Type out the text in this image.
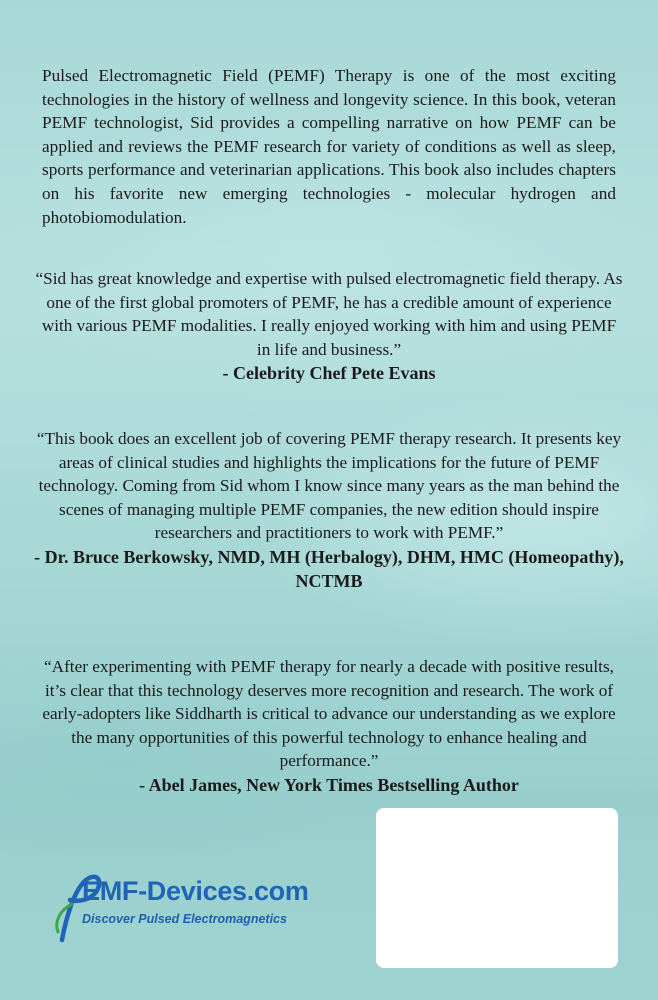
Pulsed Electromagnetic Field (PEMF) Therapy is one of the most exciting technologies in the history of wellness and longevity science. In this book, veteran PEMF technologist, Sid provides a compelling narrative on how PEMF can be applied and reviews the PEMF research for variety of conditions as well as sleep, sports performance and veterinarian applications. This book also includes chapters on his favorite new emerging technologies - molecular hydrogen and photobiomodulation.
“Sid has great knowledge and expertise with pulsed electromagnetic field therapy. As one of the first global promoters of PEMF, he has a credible amount of experience with various PEMF modalities. I really enjoyed working with him and using PEMF in life and business.”
- Celebrity Chef Pete Evans
“This book does an excellent job of covering PEMF therapy research. It presents key areas of clinical studies and highlights the implications for the future of PEMF technology. Coming from Sid whom I know since many years as the man behind the scenes of managing multiple PEMF companies, the new edition should inspire researchers and practitioners to work with PEMF.”
- Dr. Bruce Berkowsky, NMD, MH (Herbalogy), DHM, HMC (Homeopathy), NCTMB
“After experimenting with PEMF therapy for nearly a decade with positive results, it’s clear that this technology deserves more recognition and research. The work of early-adopters like Siddharth is critical to advance our understanding as we explore the many opportunities of this powerful technology to enhance healing and performance.”
- Abel James, New York Times Bestselling Author
EMF-Devices.com
Discover Pulsed Electromagnetics
